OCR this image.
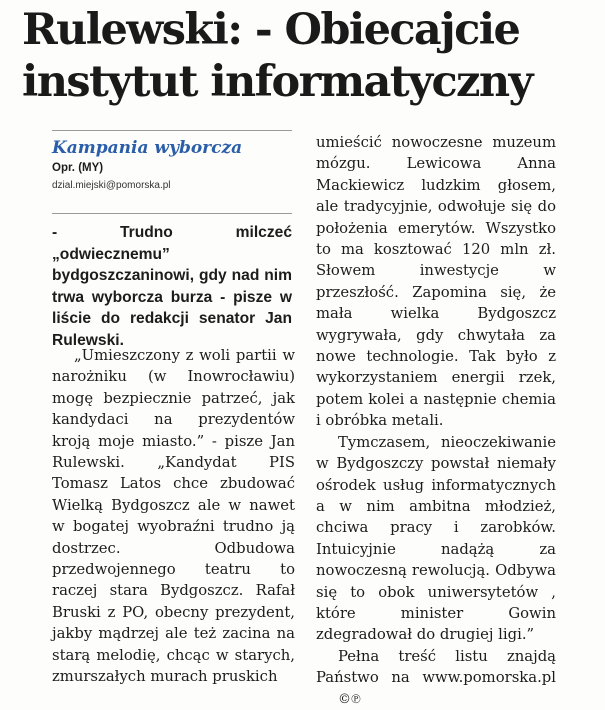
Rulewski: - Obiecajcie
instytut informatyczny

Kampania wyborcza

Opr. (MY)

dzial.miejski@pomorska.pl

- Trudno milczeć „odwiecznemu” bydgoszczaninowi, gdy nad nim trwa wyborcza burza - pisze w liście do redakcji senator Jan Rulewski.

„Umieszczony z woli partii w narożniku (w Inowrocławiu) mogę bezpiecznie patrzeć, jak kandydaci na prezydentów kroją moje miasto.” - pisze Jan Rulewski. „Kandydat PIS Tomasz Latos chce zbudować Wielką Bydgoszcz ale w nawet w bogatej wyobraźni trudno ją dostrzec. Odbudowa przedwojennego teatru to raczej stara Bydgoszcz. Rafał Bruski z PO, obecny prezydent, jakby mądrzej ale też zacina na starą melodię, chcąc w starych, zmurszałych murach pruskich

umieścić nowoczesne muzeum mózgu. Lewicowa Anna Mackiewicz ludzkim głosem, ale tradycyjnie, odwołuje się do położenia emerytów. Wszystko to ma kosztować 120 mln zł. Słowem inwestycje w przeszłość. Zapomina się, że mała wielka Bydgoszcz wygrywała, gdy chwytała za nowe technologie. Tak było z wykorzystaniem energii rzek, potem kolei a następnie chemia i obróbka metali.

Tymczasem, nieoczekiwanie w Bydgoszczy powstał niemały ośrodek usług informatycznych a w nim ambitna młodzież, chciwa pracy i zarobków. Intuicyjnie nadążą za nowoczesną rewolucją. Odbywa się to obok uniwersytetów , które minister Gowin zdegradował do drugiej ligi.”

Pełna treść listu znajdą Państwo na www.pomorska.pl ©℗
